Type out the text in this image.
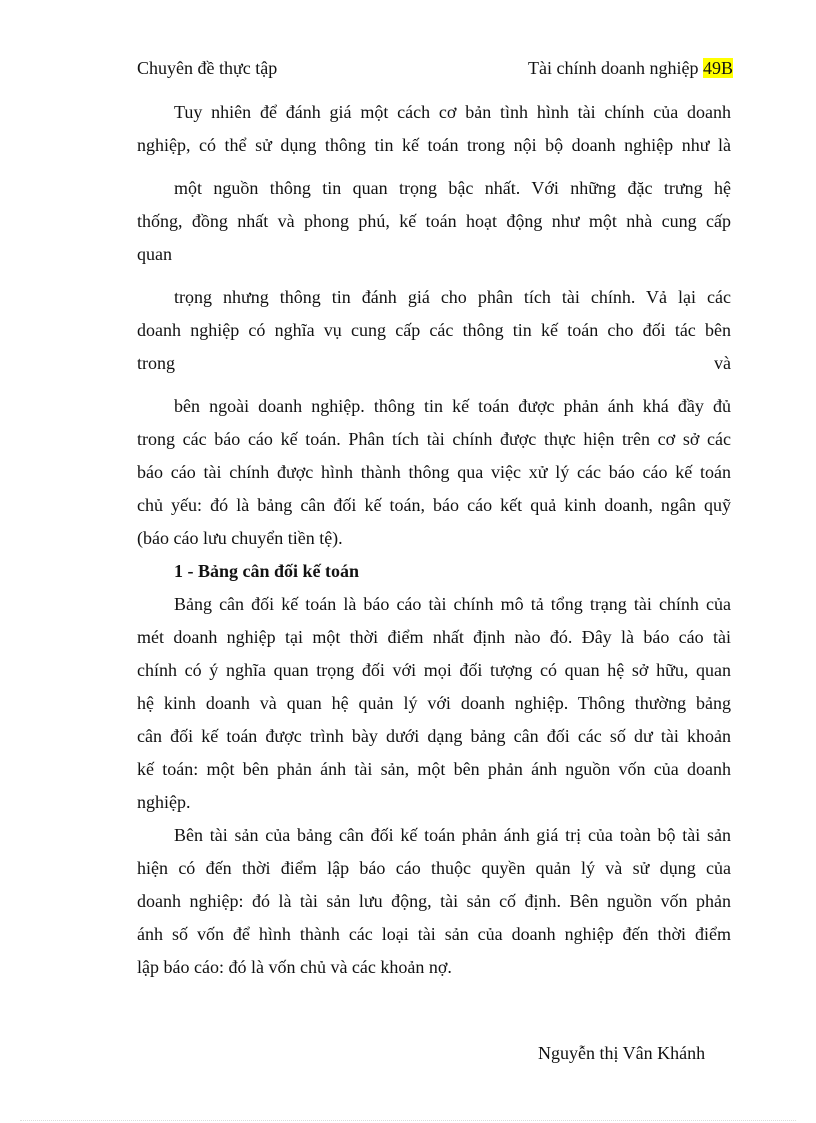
Chuyên đề thực tập	Tài chính doanh nghiệp 49B
Tuy nhiên để đánh giá một cách cơ bản tình hình tài chính của doanh
nghiệp, có thể sử dụng thông tin kế toán trong nội bộ doanh nghiệp như là
một nguồn thông tin quan trọng bậc nhất. Với những đặc trưng hệ
thống, đồng nhất và phong phú, kế toán hoạt động như một nhà cung cấp
quan
trọng nhưng thông tin đánh giá cho phân tích tài chính. Vả lại các
doanh nghiệp có nghĩa vụ cung cấp các thông tin kế toán cho đối tác bên
trong	và
bên ngoài doanh nghiệp. thông tin kế toán được phản ánh khá đầy đủ
trong các báo cáo kế toán. Phân tích tài chính được thực hiện trên cơ sở các
báo cáo tài chính được hình thành thông qua việc xử lý các báo cáo kế toán
chủ yếu: đó là bảng cân đối kế toán, báo cáo kết quả kinh doanh, ngân quỹ
(báo cáo lưu chuyển tiền tệ).
1 - Bảng cân đối kế toán
Bảng cân đối kế toán là báo cáo tài chính mô tả tổng trạng tài chính của
mét doanh nghiệp tại một thời điểm nhất định nào đó. Đây là báo cáo tài
chính có ý nghĩa quan trọng đối với mọi đối tượng có quan hệ sở hữu, quan
hệ kinh doanh và quan hệ quản lý với doanh nghiệp. Thông thường bảng
cân đối kế toán được trình bày dưới dạng bảng cân đối các số dư tài khoản
kế toán: một bên phản ánh tài sản, một bên phản ánh nguồn vốn của doanh
nghiệp.
Bên tài sản của bảng cân đối kế toán phản ánh giá trị của toàn bộ tài sản
hiện có đến thời điểm lập báo cáo thuộc quyền quản lý và sử dụng của
doanh nghiệp: đó là tài sản lưu động, tài sản cố định. Bên nguồn vốn phản
ánh số vốn để hình thành các loại tài sản của doanh nghiệp đến thời điểm
lập báo cáo: đó là vốn chủ và các khoản nợ.
Nguyễn thị Vân Khánh
